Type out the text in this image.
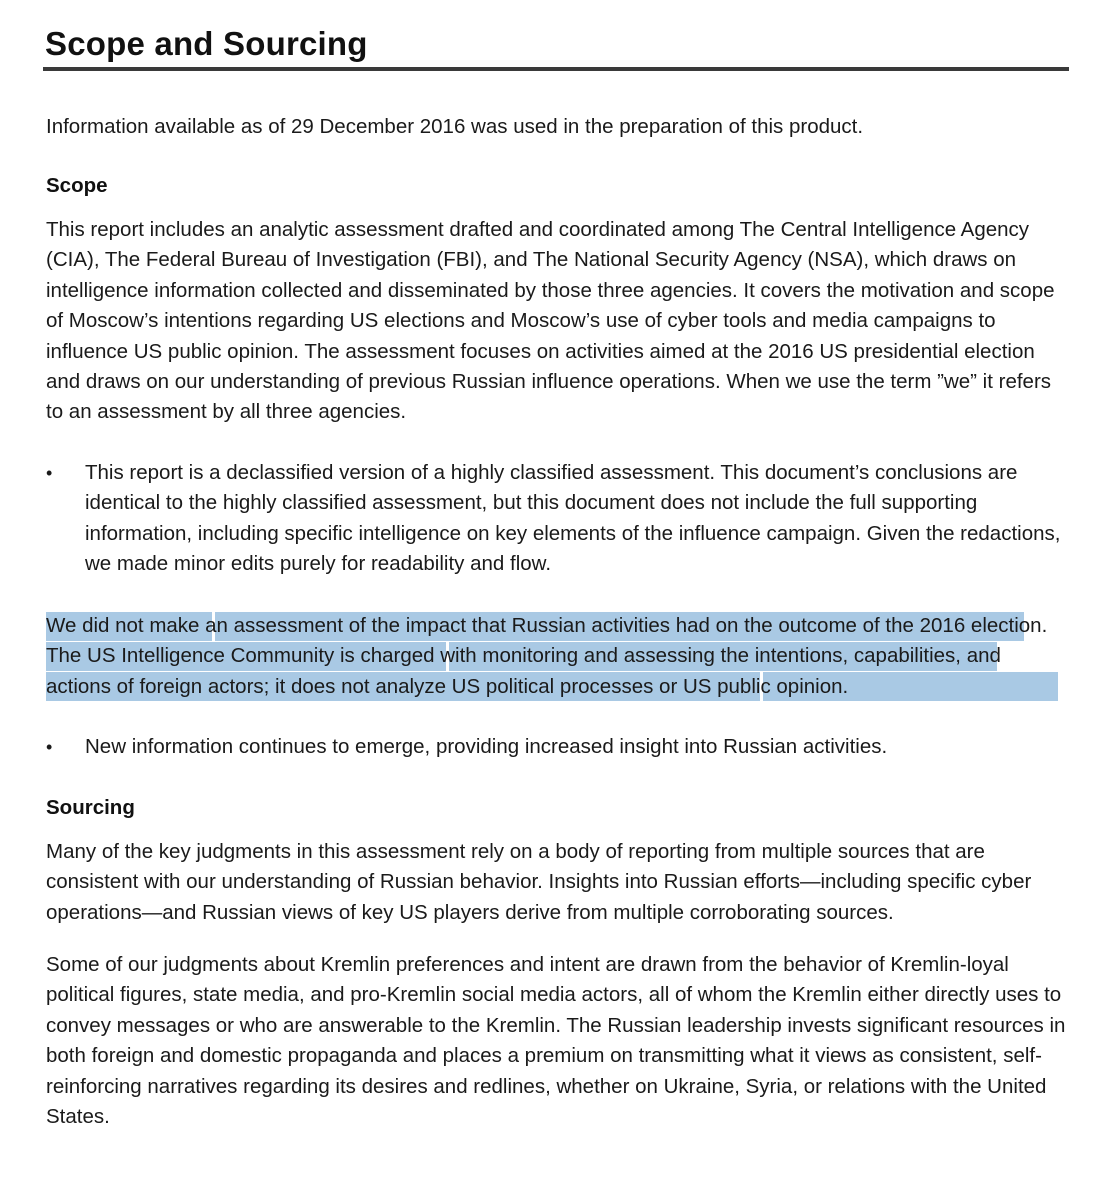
Scope and Sourcing

Information available as of 29 December 2016 was used in the preparation of this product.

Scope

This report includes an analytic assessment drafted and coordinated among The Central Intelligence Agency (CIA), The Federal Bureau of Investigation (FBI), and The National Security Agency (NSA), which draws on intelligence information collected and disseminated by those three agencies. It covers the motivation and scope of Moscow’s intentions regarding US elections and Moscow’s use of cyber tools and media campaigns to influence US public opinion. The assessment focuses on activities aimed at the 2016 US presidential election and draws on our understanding of previous Russian influence operations. When we use the term ”we” it refers to an assessment by all three agencies.

•	This report is a declassified version of a highly classified assessment. This document’s conclusions are identical to the highly classified assessment, but this document does not include the full supporting information, including specific intelligence on key elements of the influence campaign. Given the redactions, we made minor edits purely for readability and flow.

We did not make an assessment of the impact that Russian activities had on the outcome of the 2016 election. The US Intelligence Community is charged with monitoring and assessing the intentions, capabilities, and actions of foreign actors; it does not analyze US political processes or US public opinion.

•	New information continues to emerge, providing increased insight into Russian activities.
Sourcing

Many of the key judgments in this assessment rely on a body of reporting from multiple sources that are consistent with our understanding of Russian behavior. Insights into Russian efforts—including specific cyber operations—and Russian views of key US players derive from multiple corroborating sources.

Some of our judgments about Kremlin preferences and intent are drawn from the behavior of Kremlin-loyal political figures, state media, and pro-Kremlin social media actors, all of whom the Kremlin either directly uses to convey messages or who are answerable to the Kremlin. The Russian leadership invests significant resources in both foreign and domestic propaganda and places a premium on transmitting what it views as consistent, self-reinforcing narratives regarding its desires and redlines, whether on Ukraine, Syria, or relations with the United States.
